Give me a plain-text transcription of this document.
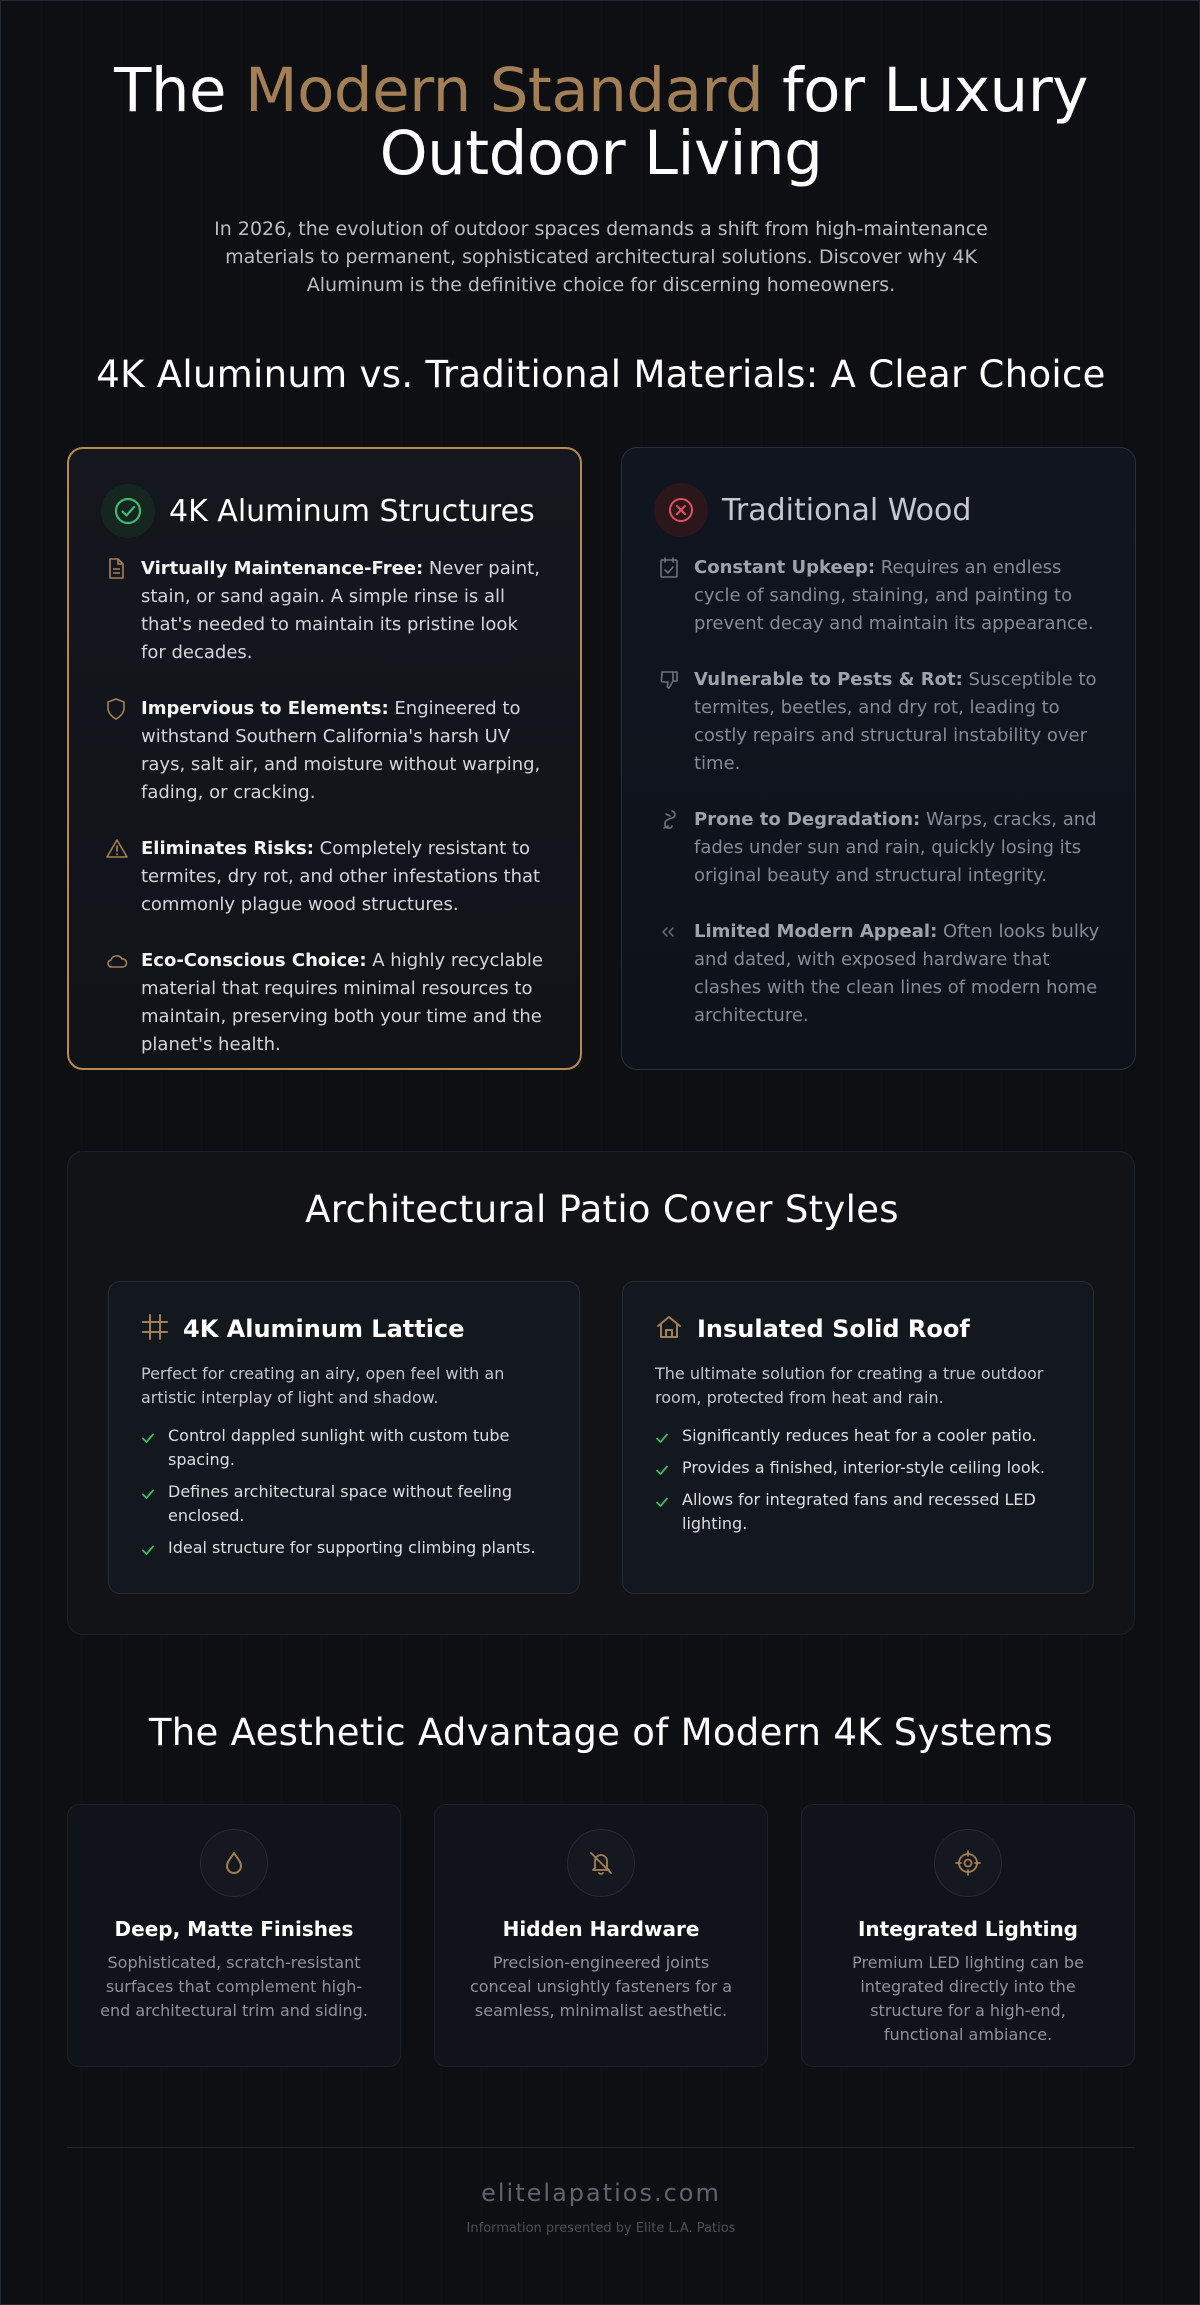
The Modern Standard for Luxury Outdoor Living

In 2026, the evolution of outdoor spaces demands a shift from high-maintenance materials to permanent, sophisticated architectural solutions. Discover why 4K Aluminum is the definitive choice for discerning homeowners.

4K Aluminum vs. Traditional Materials: A Clear Choice
4K Aluminum Structures
Virtually Maintenance-Free: Never paint, stain, or sand again. A simple rinse is all that's needed to maintain its pristine look for decades.
Impervious to Elements: Engineered to withstand Southern California's harsh UV rays, salt air, and moisture without warping, fading, or cracking.
Eliminates Risks: Completely resistant to termites, dry rot, and other infestations that commonly plague wood structures.
Eco-Conscious Choice: A highly recyclable material that requires minimal resources to maintain, preserving both your time and the planet's health.
Traditional Wood
Constant Upkeep: Requires an endless cycle of sanding, staining, and painting to prevent decay and maintain its appearance.
Vulnerable to Pests & Rot: Susceptible to termites, beetles, and dry rot, leading to costly repairs and structural instability over time.
Prone to Degradation: Warps, cracks, and fades under sun and rain, quickly losing its original beauty and structural integrity.
Limited Modern Appeal: Often looks bulky and dated, with exposed hardware that clashes with the clean lines of modern home architecture.
Architectural Patio Cover Styles
4K Aluminum Lattice

Perfect for creating an airy, open feel with an artistic interplay of light and shadow.

Control dappled sunlight with custom tube spacing.
Defines architectural space without feeling enclosed.
Ideal structure for supporting climbing plants.
Insulated Solid Roof

The ultimate solution for creating a true outdoor room, protected from heat and rain.

Significantly reduces heat for a cooler patio.
Provides a finished, interior-style ceiling look.
Allows for integrated fans and recessed LED lighting.
The Aesthetic Advantage of Modern 4K Systems
Deep, Matte Finishes
Sophisticated, scratch-resistant surfaces that complement high-end architectural trim and siding.
Hidden Hardware
Precision-engineered joints conceal unsightly fasteners for a seamless, minimalist aesthetic.
Integrated Lighting
Premium LED lighting can be integrated directly into the structure for a high-end, functional ambiance.
elitelapatios.com
Information presented by Elite L.A. Patios
